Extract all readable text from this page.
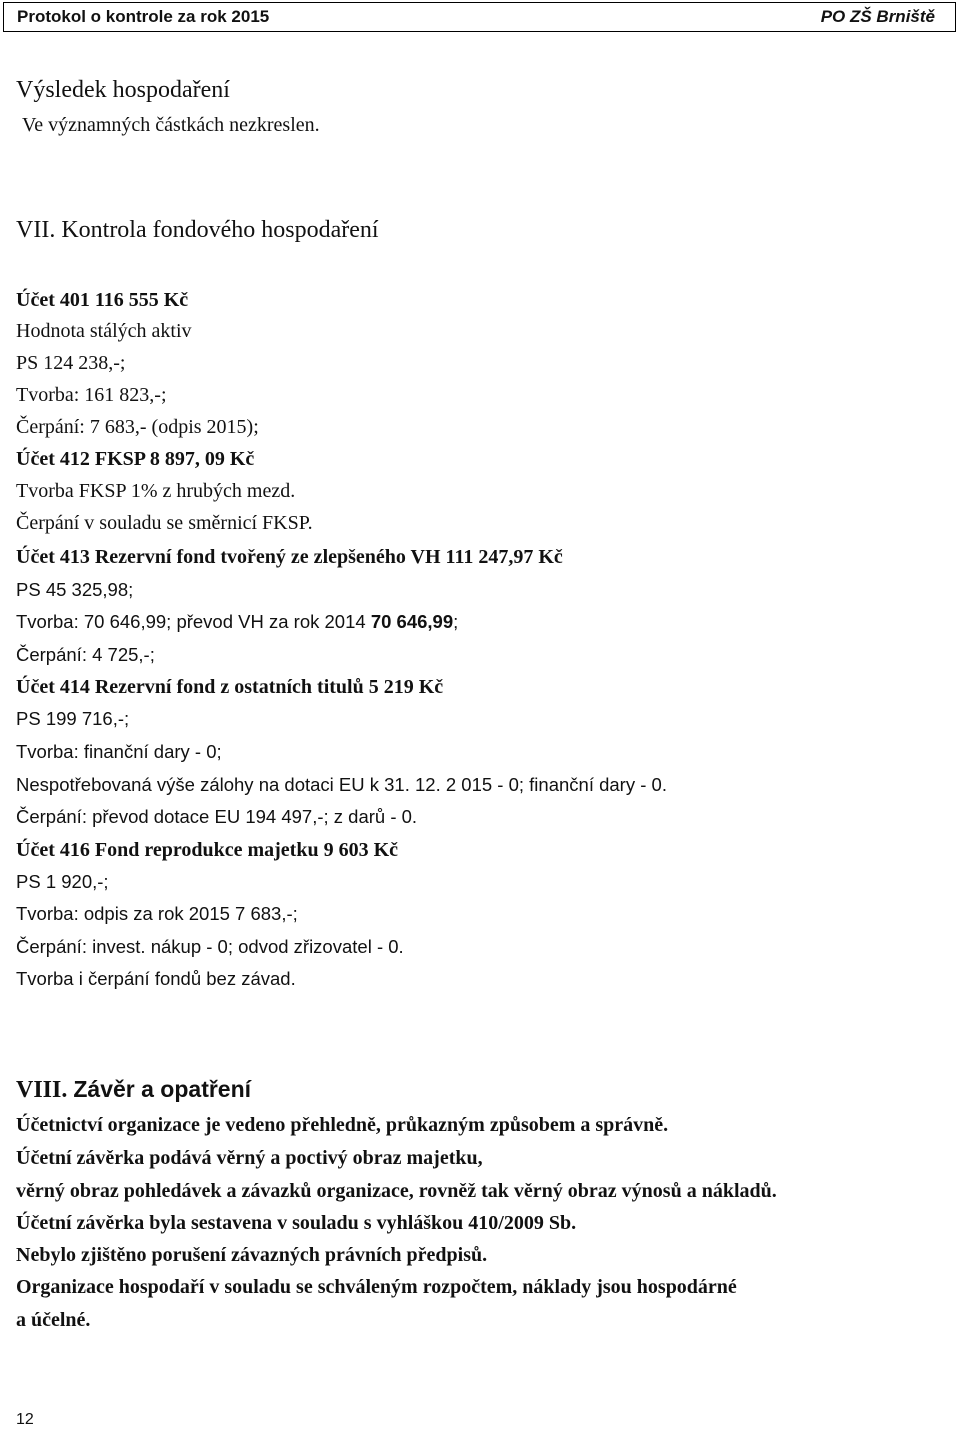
Protokol o kontrole za rok 2015	PO ZŠ Brniště
Výsledek hospodaření
Ve významných částkách nezkreslen.
VII. Kontrola fondového hospodaření
Účet 401 116 555 Kč
Hodnota stálých aktiv
PS 124 238,-;
Tvorba: 161 823,-;
Čerpání: 7 683,- (odpis 2015);
Účet 412 FKSP 8 897, 09 Kč
Tvorba FKSP 1% z hrubých mezd.
Čerpání v souladu se směrnicí FKSP.
Účet 413 Rezervní fond tvořený ze zlepšeného VH 111 247,97 Kč
PS 45 325,98;
Tvorba: 70 646,99; převod VH za rok 2014 70 646,99;
Čerpání: 4 725,-;
Účet 414 Rezervní fond z ostatních titulů 5 219 Kč
PS 199 716,-;
Tvorba: finanční dary - 0;
Nespotřebovaná výše zálohy na dotaci EU k 31. 12. 2 015 - 0; finanční dary - 0.
Čerpání: převod dotace EU 194 497,-; z darů - 0.
Účet 416 Fond reprodukce majetku 9 603 Kč
PS 1 920,-;
Tvorba: odpis za rok 2015 7 683,-;
Čerpání: invest. nákup - 0; odvod zřizovatel - 0.
Tvorba i čerpání fondů bez závad.
VIII. Závěr a opatření
Účetnictví organizace je vedeno přehledně, průkazným způsobem a správně.
Účetní závěrka podává věrný a poctivý obraz majetku,
věrný obraz pohledávek a závazků organizace, rovněž tak věrný obraz výnosů a nákladů.
Účetní závěrka byla sestavena v souladu s vyhláškou 410/2009 Sb.
Nebylo zjištěno porušení závazných právních předpisů.
Organizace hospodaří v souladu se schváleným rozpočtem, náklady jsou hospodárné
a účelné.
12
